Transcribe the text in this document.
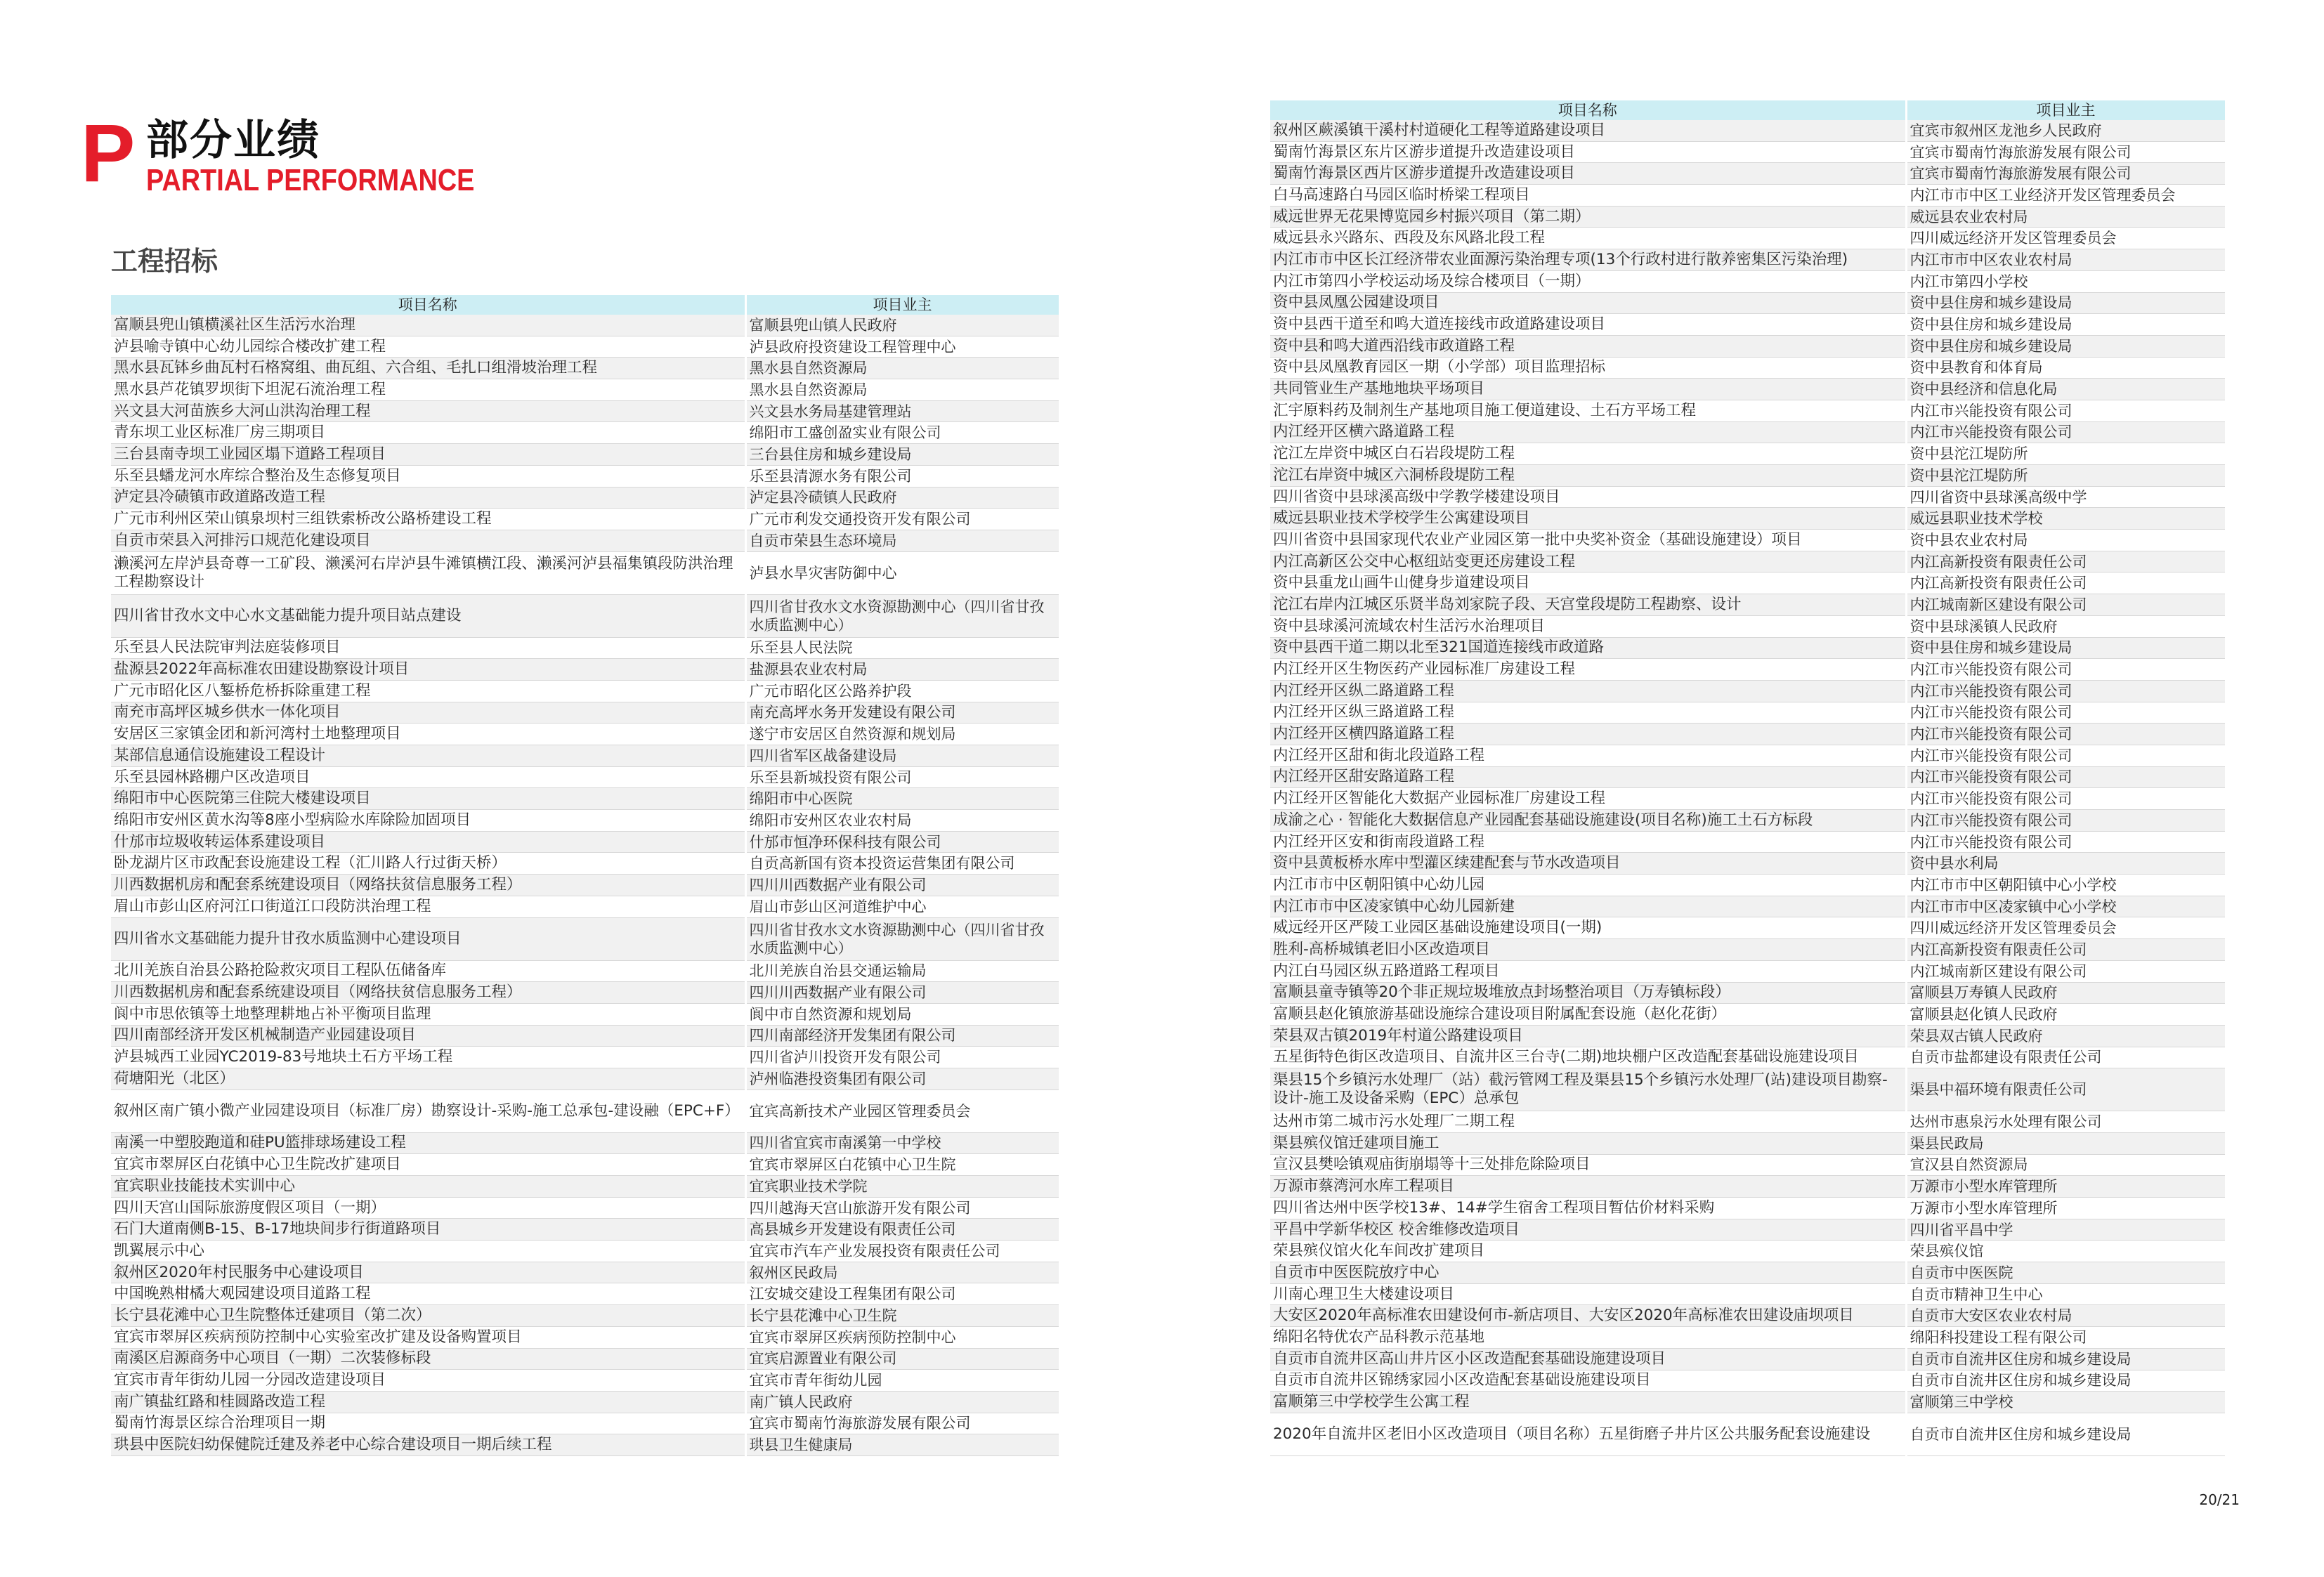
P 部分业绩
PARTIAL PERFORMANCE
工程招标
项目名称	项目业主
富顺县兜山镇横溪社区生活污水治理	富顺县兜山镇人民政府
泸县喻寺镇中心幼儿园综合楼改扩建工程	泸县政府投资建设工程管理中心
黑水县瓦钵乡曲瓦村石格窝组、曲瓦组、六合组、毛扎口组滑坡治理工程	黑水县自然资源局
黑水县芦花镇罗坝街下坦泥石流治理工程	黑水县自然资源局
兴文县大河苗族乡大河山洪沟治理工程	兴文县水务局基建管理站
青东坝工业区标准厂房三期项目	绵阳市工盛创盈实业有限公司
三台县南寺坝工业园区塌下道路工程项目	三台县住房和城乡建设局
乐至县蟠龙河水库综合整治及生态修复项目	乐至县清源水务有限公司
泸定县冷碛镇市政道路改造工程	泸定县冷碛镇人民政府
广元市利州区荣山镇泉坝村三组铁索桥改公路桥建设工程	广元市利发交通投资开发有限公司
自贡市荣县入河排污口规范化建设项目	自贡市荣县生态环境局
濑溪河左岸泸县奇尊一工矿段、濑溪河右岸泸县牛滩镇横江段、濑溪河泸县福集镇段防洪治理工程勘察设计	泸县水旱灾害防御中心
四川省甘孜水文中心水文基础能力提升项目站点建设	四川省甘孜水文水资源勘测中心（四川省甘孜水质监测中心）
乐至县人民法院审判法庭装修项目	乐至县人民法院
盐源县2022年高标准农田建设勘察设计项目	盐源县农业农村局
广元市昭化区八錾桥危桥拆除重建工程	广元市昭化区公路养护段
南充市高坪区城乡供水一体化项目	南充高坪水务开发建设有限公司
安居区三家镇金团和新河湾村土地整理项目	遂宁市安居区自然资源和规划局
某部信息通信设施建设工程设计	四川省军区战备建设局
乐至县园林路棚户区改造项目	乐至县新城投资有限公司
绵阳市中心医院第三住院大楼建设项目	绵阳市中心医院
绵阳市安州区黄水沟等8座小型病险水库除险加固项目	绵阳市安州区农业农村局
什邡市垃圾收转运体系建设项目	什邡市恒净环保科技有限公司
卧龙湖片区市政配套设施建设工程（汇川路人行过街天桥）	自贡高新国有资本投资运营集团有限公司
川西数据机房和配套系统建设项目（网络扶贫信息服务工程）	四川川西数据产业有限公司
眉山市彭山区府河江口街道江口段防洪治理工程	眉山市彭山区河道维护中心
四川省水文基础能力提升甘孜水质监测中心建设项目	四川省甘孜水文水资源勘测中心（四川省甘孜水质监测中心）
北川羌族自治县公路抢险救灾项目工程队伍储备库	北川羌族自治县交通运输局
川西数据机房和配套系统建设项目（网络扶贫信息服务工程）	四川川西数据产业有限公司
阆中市思依镇等土地整理耕地占补平衡项目监理	阆中市自然资源和规划局
四川南部经济开发区机械制造产业园建设项目	四川南部经济开发集团有限公司
泸县城西工业园YC2019-83号地块土石方平场工程	四川省泸川投资开发有限公司
荷塘阳光（北区）	泸州临港投资集团有限公司
叙州区南广镇小微产业园建设项目（标准厂房）勘察设计-采购-施工总承包-建设融（EPC+F）	宜宾高新技术产业园区管理委员会
南溪一中塑胶跑道和硅PU篮排球场建设工程	四川省宜宾市南溪第一中学校
宜宾市翠屏区白花镇中心卫生院改扩建项目	宜宾市翠屏区白花镇中心卫生院
宜宾职业技能技术实训中心	宜宾职业技术学院
四川天宫山国际旅游度假区项目（一期）	四川越海天宫山旅游开发有限公司
石门大道南侧B-15、B-17地块间步行街道路项目	高县城乡开发建设有限责任公司
凯翼展示中心	宜宾市汽车产业发展投资有限责任公司
叙州区2020年村民服务中心建设项目	叙州区民政局
中国晚熟柑橘大观园建设项目道路工程	江安城交建设工程集团有限公司
长宁县花滩中心卫生院整体迁建项目（第二次）	长宁县花滩中心卫生院
宜宾市翠屏区疾病预防控制中心实验室改扩建及设备购置项目	宜宾市翠屏区疾病预防控制中心
南溪区启源商务中心项目（一期）二次装修标段	宜宾启源置业有限公司
宜宾市青年街幼儿园一分园改造建设项目	宜宾市青年街幼儿园
南广镇盐红路和桂圆路改造工程	南广镇人民政府
蜀南竹海景区综合治理项目一期	宜宾市蜀南竹海旅游发展有限公司
珙县中医院妇幼保健院迁建及养老中心综合建设项目一期后续工程	珙县卫生健康局
项目名称	项目业主
叙州区蕨溪镇干溪村村道硬化工程等道路建设项目	宜宾市叙州区龙池乡人民政府
蜀南竹海景区东片区游步道提升改造建设项目	宜宾市蜀南竹海旅游发展有限公司
蜀南竹海景区西片区游步道提升改造建设项目	宜宾市蜀南竹海旅游发展有限公司
白马高速路白马园区临时桥梁工程项目	内江市市中区工业经济开发区管理委员会
威远世界无花果博览园乡村振兴项目（第二期）	威远县农业农村局
威远县永兴路东、西段及东风路北段工程	四川威远经济开发区管理委员会
内江市市中区长江经济带农业面源污染治理专项(13个行政村进行散养密集区污染治理)	内江市市中区农业农村局
内江市第四小学校运动场及综合楼项目（一期）	内江市第四小学校
资中县凤凰公园建设项目	资中县住房和城乡建设局
资中县西干道至和鸣大道连接线市政道路建设项目	资中县住房和城乡建设局
资中县和鸣大道西沿线市政道路工程	资中县住房和城乡建设局
资中县凤凰教育园区一期（小学部）项目监理招标	资中县教育和体育局
共同管业生产基地地块平场项目	资中县经济和信息化局
汇宇原料药及制剂生产基地项目施工便道建设、土石方平场工程	内江市兴能投资有限公司
内江经开区横六路道路工程	内江市兴能投资有限公司
沱江左岸资中城区白石岩段堤防工程	资中县沱江堤防所
沱江右岸资中城区六洞桥段堤防工程	资中县沱江堤防所
四川省资中县球溪高级中学教学楼建设项目	四川省资中县球溪高级中学
威远县职业技术学校学生公寓建设项目	威远县职业技术学校
四川省资中县国家现代农业产业园区第一批中央奖补资金（基础设施建设）项目	资中县农业农村局
内江高新区公交中心枢纽站变更还房建设工程	内江高新投资有限责任公司
资中县重龙山画牛山健身步道建设项目	内江高新投资有限责任公司
沱江右岸内江城区乐贤半岛刘家院子段、天宫堂段堤防工程勘察、设计	内江城南新区建设有限公司
资中县球溪河流域农村生活污水治理项目	资中县球溪镇人民政府
资中县西干道二期以北至321国道连接线市政道路	资中县住房和城乡建设局
内江经开区生物医药产业园标准厂房建设工程	内江市兴能投资有限公司
内江经开区纵二路道路工程	内江市兴能投资有限公司
内江经开区纵三路道路工程	内江市兴能投资有限公司
内江经开区横四路道路工程	内江市兴能投资有限公司
内江经开区甜和街北段道路工程	内江市兴能投资有限公司
内江经开区甜安路道路工程	内江市兴能投资有限公司
内江经开区智能化大数据产业园标准厂房建设工程	内江市兴能投资有限公司
成渝之心 · 智能化大数据信息产业园配套基础设施建设(项目名称)施工土石方标段	内江市兴能投资有限公司
内江经开区安和街南段道路工程	内江市兴能投资有限公司
资中县黄板桥水库中型灌区续建配套与节水改造项目	资中县水利局
内江市市中区朝阳镇中心幼儿园	内江市市中区朝阳镇中心小学校
内江市市中区凌家镇中心幼儿园新建	内江市市中区凌家镇中心小学校
威远经开区严陵工业园区基础设施建设项目(一期)	四川威远经济开发区管理委员会
胜利-高桥城镇老旧小区改造项目	内江高新投资有限责任公司
内江白马园区纵五路道路工程项目	内江城南新区建设有限公司
富顺县童寺镇等20个非正规垃圾堆放点封场整治项目（万寿镇标段）	富顺县万寿镇人民政府
富顺县赵化镇旅游基础设施综合建设项目附属配套设施（赵化花街）	富顺县赵化镇人民政府
荣县双古镇2019年村道公路建设项目	荣县双古镇人民政府
五星街特色街区改造项目、自流井区三台寺(二期)地块棚户区改造配套基础设施建设项目	自贡市盐都建设有限责任公司
渠县15个乡镇污水处理厂（站）截污管网工程及渠县15个乡镇污水处理厂(站)建设项目勘察-设计-施工及设备采购（EPC）总承包	渠县中福环境有限责任公司
达州市第二城市污水处理厂二期工程	达州市惠泉污水处理有限公司
渠县殡仪馆迁建项目施工	渠县民政局
宣汉县樊哙镇观庙街崩塌等十三处排危除险项目	宣汉县自然资源局
万源市蔡湾河水库工程项目	万源市小型水库管理所
四川省达州中医学校13#、14#学生宿舍工程项目暂估价材料采购	万源市小型水库管理所
平昌中学新华校区 校舍维修改造项目	四川省平昌中学
荣县殡仪馆火化车间改扩建项目	荣县殡仪馆
自贡市中医医院放疗中心	自贡市中医医院
川南心理卫生大楼建设项目	自贡市精神卫生中心
大安区2020年高标准农田建设何市-新店项目、大安区2020年高标准农田建设庙坝项目	自贡市大安区农业农村局
绵阳名特优农产品科教示范基地	绵阳科投建设工程有限公司
自贡市自流井区高山井片区小区改造配套基础设施建设项目	自贡市自流井区住房和城乡建设局
自贡市自流井区锦绣家园小区改造配套基础设施建设项目	自贡市自流井区住房和城乡建设局
富顺第三中学校学生公寓工程	富顺第三中学校
2020年自流井区老旧小区改造项目（项目名称）五星街磨子井片区公共服务配套设施建设	自贡市自流井区住房和城乡建设局
20/21
